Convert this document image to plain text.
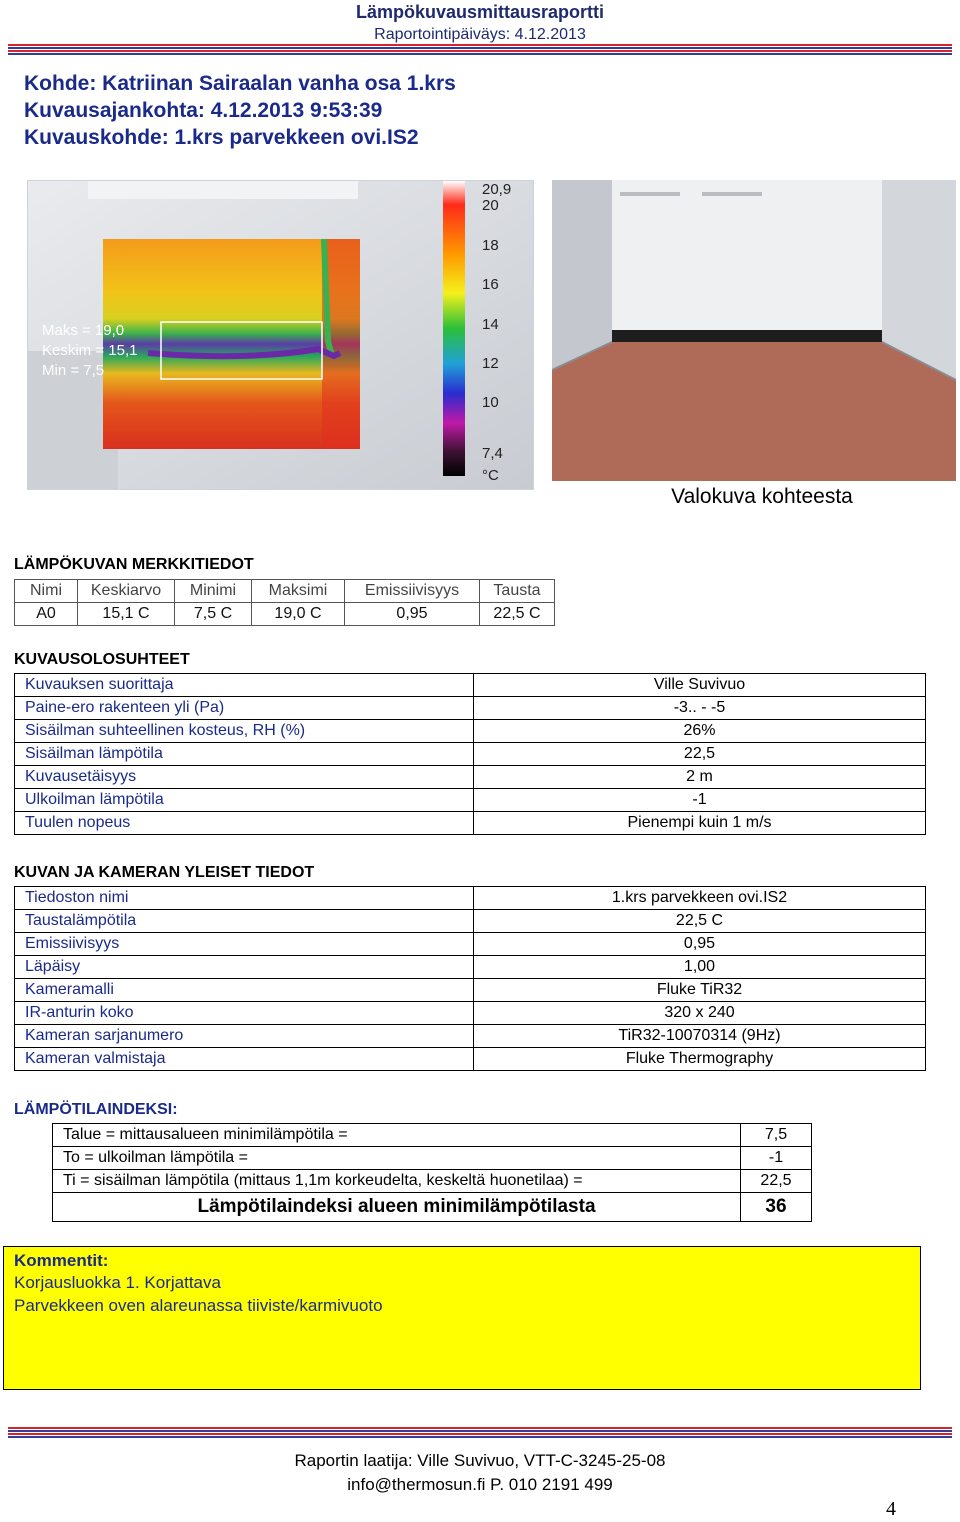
Lämpökuvausmittausraportti
Raportointipäiväys: 4.12.2013
Kohde: Katriinan Sairaalan vanha osa 1.krs
Kuvausajankohta: 4.12.2013 9:53:39
Kuvauskohde: 1.krs parvekkeen ovi.IS2
Maks = 19,0
Keskim = 15,1
Min = 7,5
20,9
20
18
16
14
12
10
7,4
°C
Valokuva kohteesta
LÄMPÖKUVAN MERKKITIEDOT
Nimi	Keskiarvo	Minimi	Maksimi	Emissiivisyys	Tausta
A0	15,1 C	7,5 C	19,0 C	0,95	22,5 C
KUVAUSOLOSUHTEET
Kuvauksen suorittaja	Ville Suvivuo
Paine-ero rakenteen yli (Pa)	-3.. - -5
Sisäilman suhteellinen kosteus, RH (%)	26%
Sisäilman lämpötila	22,5
Kuvausetäisyys	2 m
Ulkoilman lämpötila	-1
Tuulen nopeus	Pienempi kuin 1 m/s
KUVAN JA KAMERAN YLEISET TIEDOT
Tiedoston nimi	1.krs parvekkeen ovi.IS2
Taustalämpötila	22,5 C
Emissiivisyys	0,95
Läpäisy	1,00
Kameramalli	Fluke TiR32
IR-anturin koko	320 x 240
Kameran sarjanumero	TiR32-10070314 (9Hz)
Kameran valmistaja	Fluke Thermography
LÄMPÖTILAINDEKSI:
Talue = mittausalueen minimilämpötila =	7,5
To = ulkoilman lämpötila =	-1
Ti = sisäilman lämpötila (mittaus 1,1m korkeudelta, keskeltä huonetilaa) =	22,5
Lämpötilaindeksi alueen minimilämpötilasta	36
Kommentit:
Korjausluokka 1. Korjattava
Parvekkeen oven alareunassa tiiviste/karmivuoto
Raportin laatija: Ville Suvivuo, VTT-C-3245-25-08
info@thermosun.fi P. 010 2191 499
4
